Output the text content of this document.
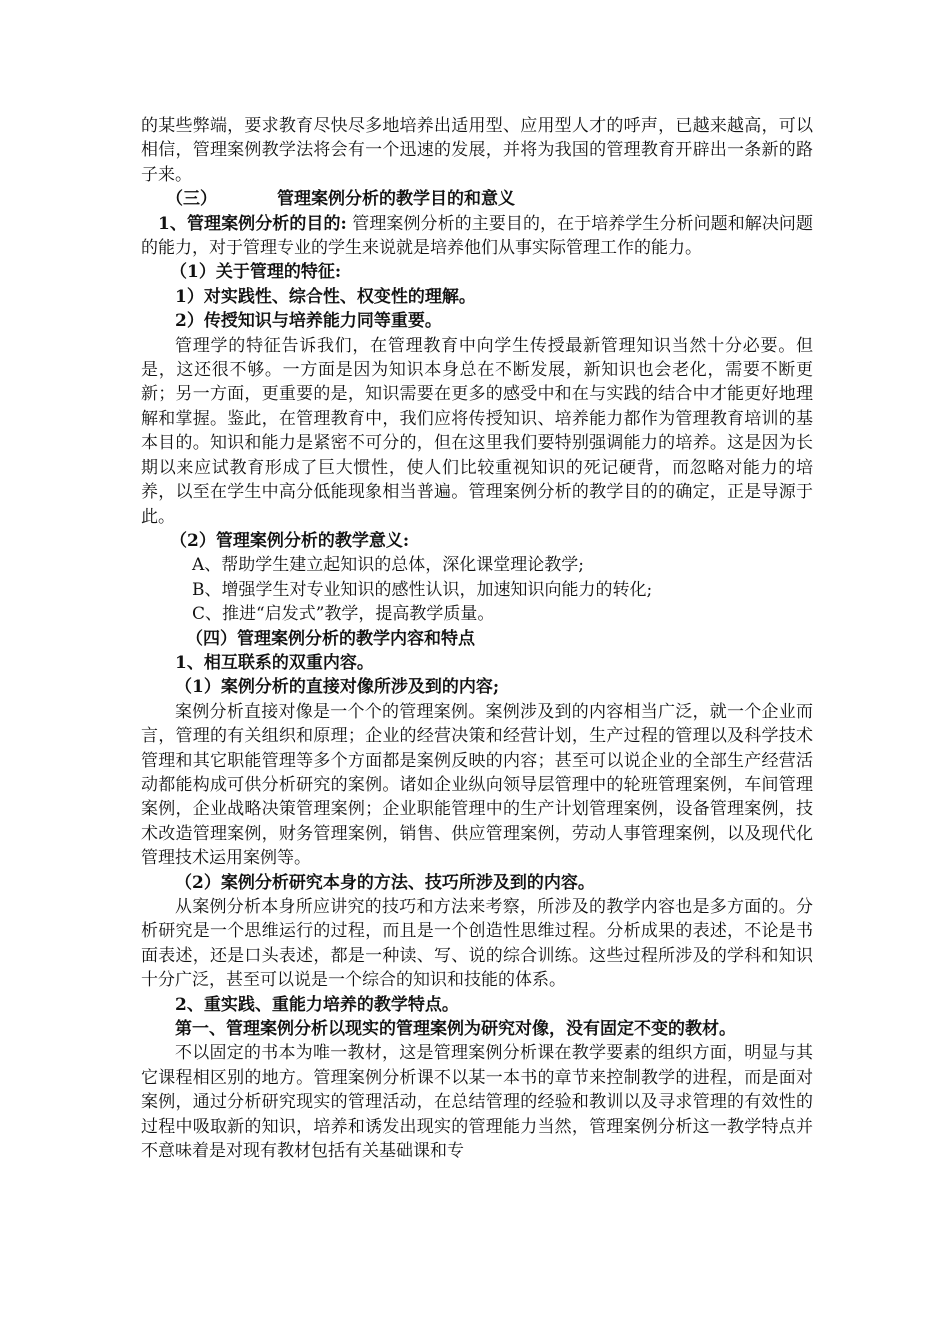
的某些弊端，要求教育尽快尽多地培养出适用型、应用型人才的呼声，已越来越高，可以相信，管理案例教学法将会有一个迅速的发展，并将为我国的管理教育开辟出一条新的路子来。

（三）	管理案例分析的教学目的和意义

1、管理案例分析的目的: 管理案例分析的主要目的，在于培养学生分析问题和解决问题的能力，对于管理专业的学生来说就是培养他们从事实际管理工作的能力。

（1）关于管理的特征:

1）对实践性、综合性、权变性的理解。

2）传授知识与培养能力同等重要。

管理学的特征告诉我们，在管理教育中向学生传授最新管理知识当然十分必要。但是，这还很不够。一方面是因为知识本身总在不断发展，新知识也会老化，需要不断更新；另一方面，更重要的是，知识需要在更多的感受中和在与实践的结合中才能更好地理解和掌握。鉴此，在管理教育中，我们应将传授知识、培养能力都作为管理教育培训的基本目的。知识和能力是紧密不可分的，但在这里我们要特别强调能力的培养。这是因为长期以来应试教育形成了巨大惯性，使人们比较重视知识的死记硬背，而忽略对能力的培养，以至在学生中高分低能现象相当普遍。管理案例分析的教学目的的确定，正是导源于此。

（2）管理案例分析的教学意义:

A、帮助学生建立起知识的总体，深化课堂理论教学;

B、增强学生对专业知识的感性认识，加速知识向能力的转化;

C、推进“启发式”教学，提高教学质量。

（四）管理案例分析的教学内容和特点

1、相互联系的双重内容。

（1）案例分析的直接对像所涉及到的内容;

案例分析直接对像是一个个的管理案例。案例涉及到的内容相当广泛，就一个企业而言，管理的有关组织和原理；企业的经营决策和经营计划，生产过程的管理以及科学技术管理和其它职能管理等多个方面都是案例反映的内容；甚至可以说企业的全部生产经营活动都能构成可供分析研究的案例。诸如企业纵向领导层管理中的轮班管理案例，车间管理案例，企业战略决策管理案例；企业职能管理中的生产计划管理案例，设备管理案例，技术改造管理案例，财务管理案例，销售、供应管理案例，劳动人事管理案例，以及现代化管理技术运用案例等。

（2）案例分析研究本身的方法、技巧所涉及到的内容。

从案例分析本身所应讲究的技巧和方法来考察，所涉及的教学内容也是多方面的。分析研究是一个思维运行的过程，而且是一个创造性思维过程。分析成果的表述，不论是书面表述，还是口头表述，都是一种读、写、说的综合训练。这些过程所涉及的学科和知识十分广泛，甚至可以说是一个综合的知识和技能的体系。

2、重实践、重能力培养的教学特点。

第一、管理案例分析以现实的管理案例为研究对像，没有固定不变的教材。

不以固定的书本为唯一教材，这是管理案例分析课在教学要素的组织方面，明显与其它课程相区别的地方。管理案例分析课不以某一本书的章节来控制教学的进程，而是面对案例，通过分析研究现实的管理活动，在总结管理的经验和教训以及寻求管理的有效性的过程中吸取新的知识，培养和诱发出现实的管理能力当然，管理案例分析这一教学特点并不意味着是对现有教材包括有关基础课和专
